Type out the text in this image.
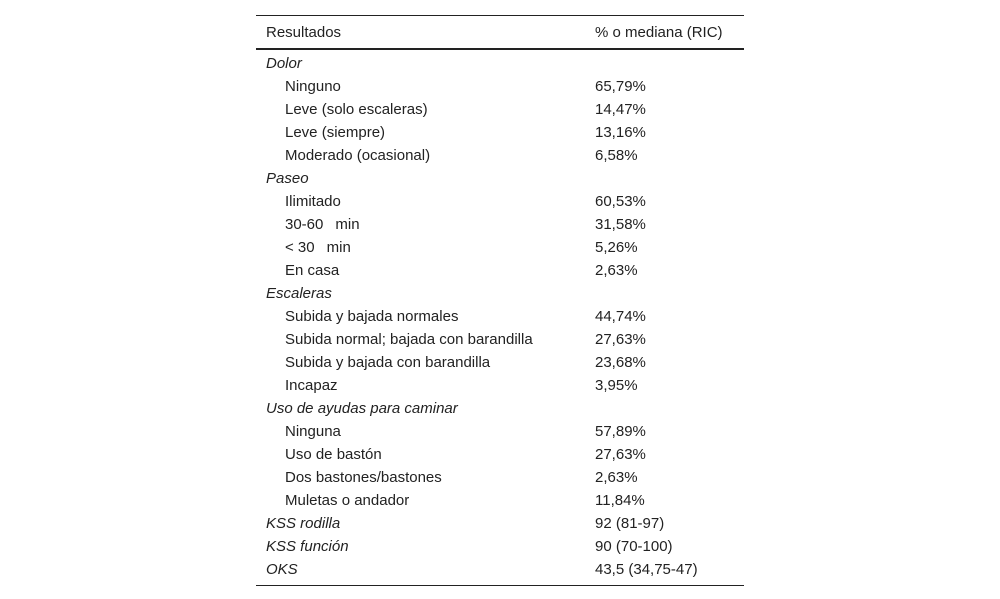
Resultados	% o mediana (RIC)
Dolor
Ninguno	65,79%
Leve (solo escaleras)	14,47%
Leve (siempre)	13,16%
Moderado (ocasional)	6,58%
Paseo
Ilimitado	60,53%
30-60    min	31,58%
< 30    min	5,26%
En casa	2,63%
Escaleras
Subida y bajada normales	44,74%
Subida normal; bajada con barandilla	27,63%
Subida y bajada con barandilla	23,68%
Incapaz	3,95%
Uso de ayudas para caminar
Ninguna	57,89%
Uso de bastón	27,63%
Dos bastones/bastones	2,63%
Muletas o andador	11,84%
KSS rodilla	92 (81-97)
KSS función	90 (70-100)
OKS	43,5 (34,75-47)
